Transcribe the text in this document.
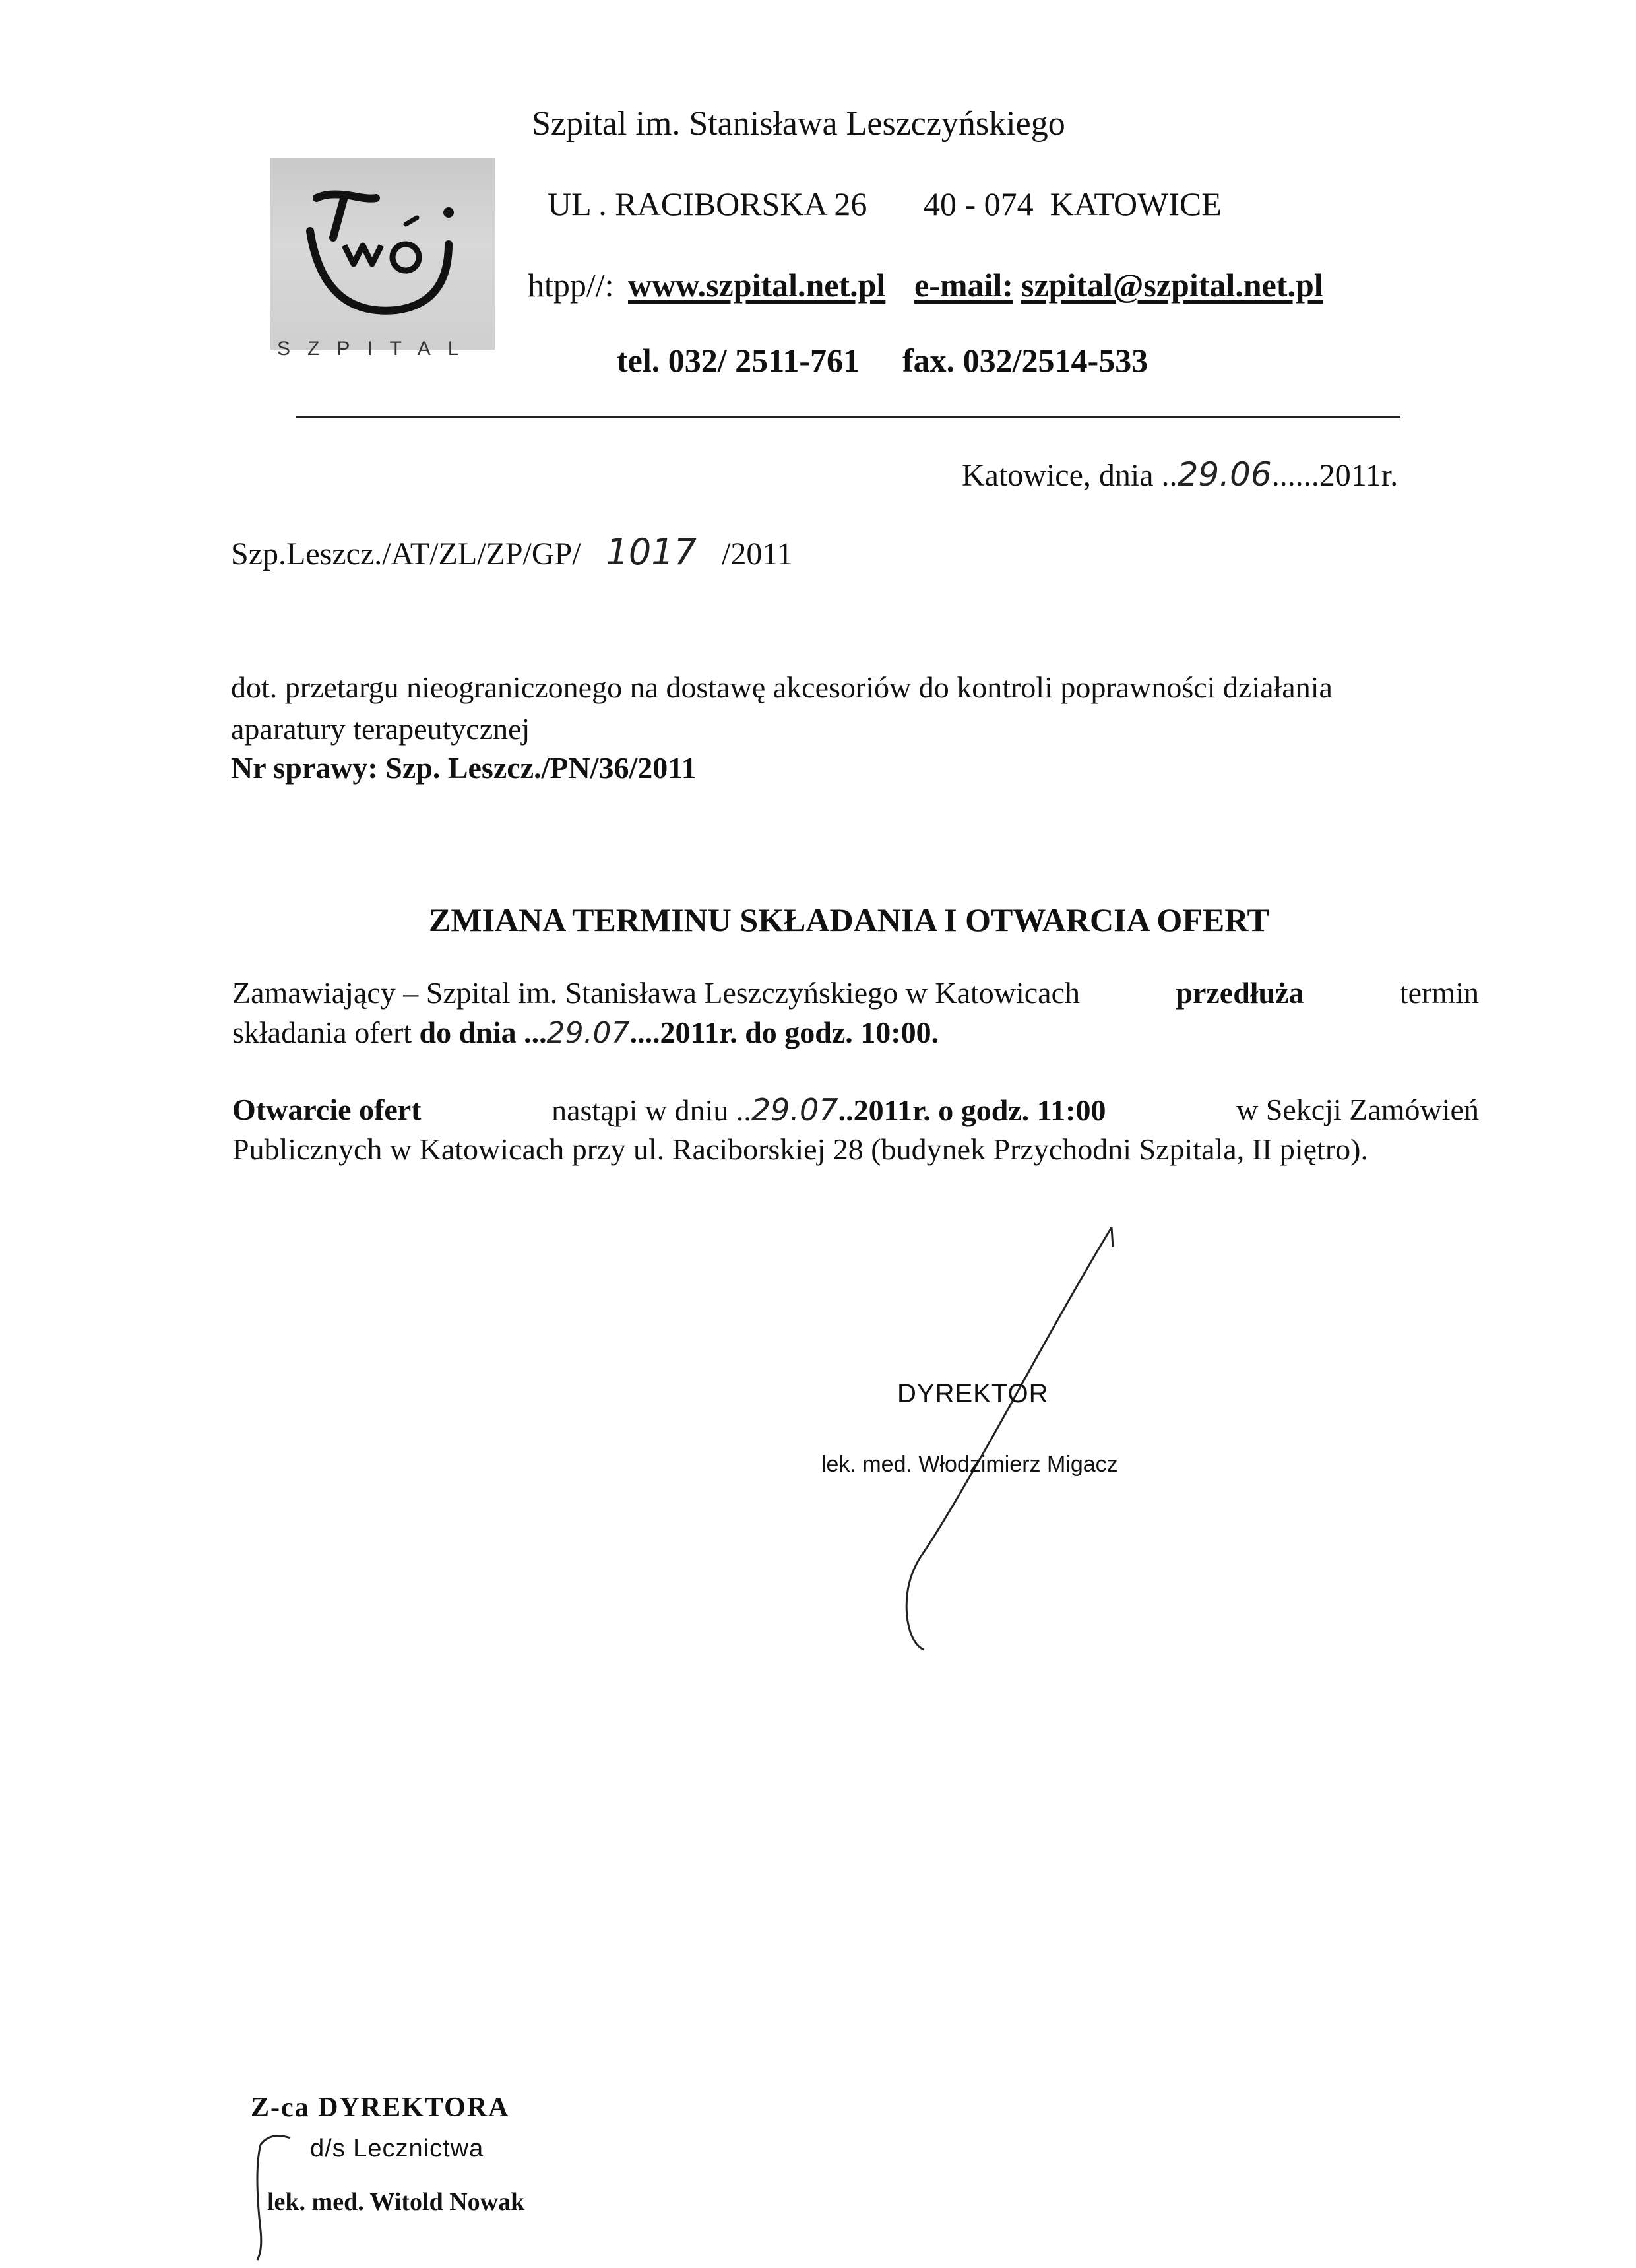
SZPITAL
Szpital im. Stanisława Leszczyńskiego
UL . RACIBORSKA 26 40 - 074  KATOWICE
htpp//: www.szpital.net.pl e-mail: szpital@szpital.net.pl
tel. 032/ 2511-761 fax. 032/2514-533
Katowice, dnia ..29.06......2011r.
Szp.Leszcz./AT/ZL/ZP/GP/ 1017 /2011
dot. przetargu nieograniczonego na dostawę akcesoriów do kontroli poprawności działania
aparatury terapeutycznej
Nr sprawy: Szp. Leszcz./PN/36/2011
ZMIANA TERMINU SKŁADANIA I OTWARCIA OFERT
Zamawiający – Szpital im. Stanisława Leszczyńskiego w Katowicach	przedłuża	termin
składania ofert do dnia ...29.07....2011r. do godz. 10:00.
Otwarcie ofert	nastąpi w dniu ..29.07..2011r. o godz. 11:00	w Sekcji Zamówień
Publicznych w Katowicach przy ul. Raciborskiej 28 (budynek Przychodni Szpitala, II piętro).
DYREKTOR
lek. med. Włodzimierz Migacz
Z-ca DYREKTORA
d/s Lecznictwa
lek. med. Witold Nowak
